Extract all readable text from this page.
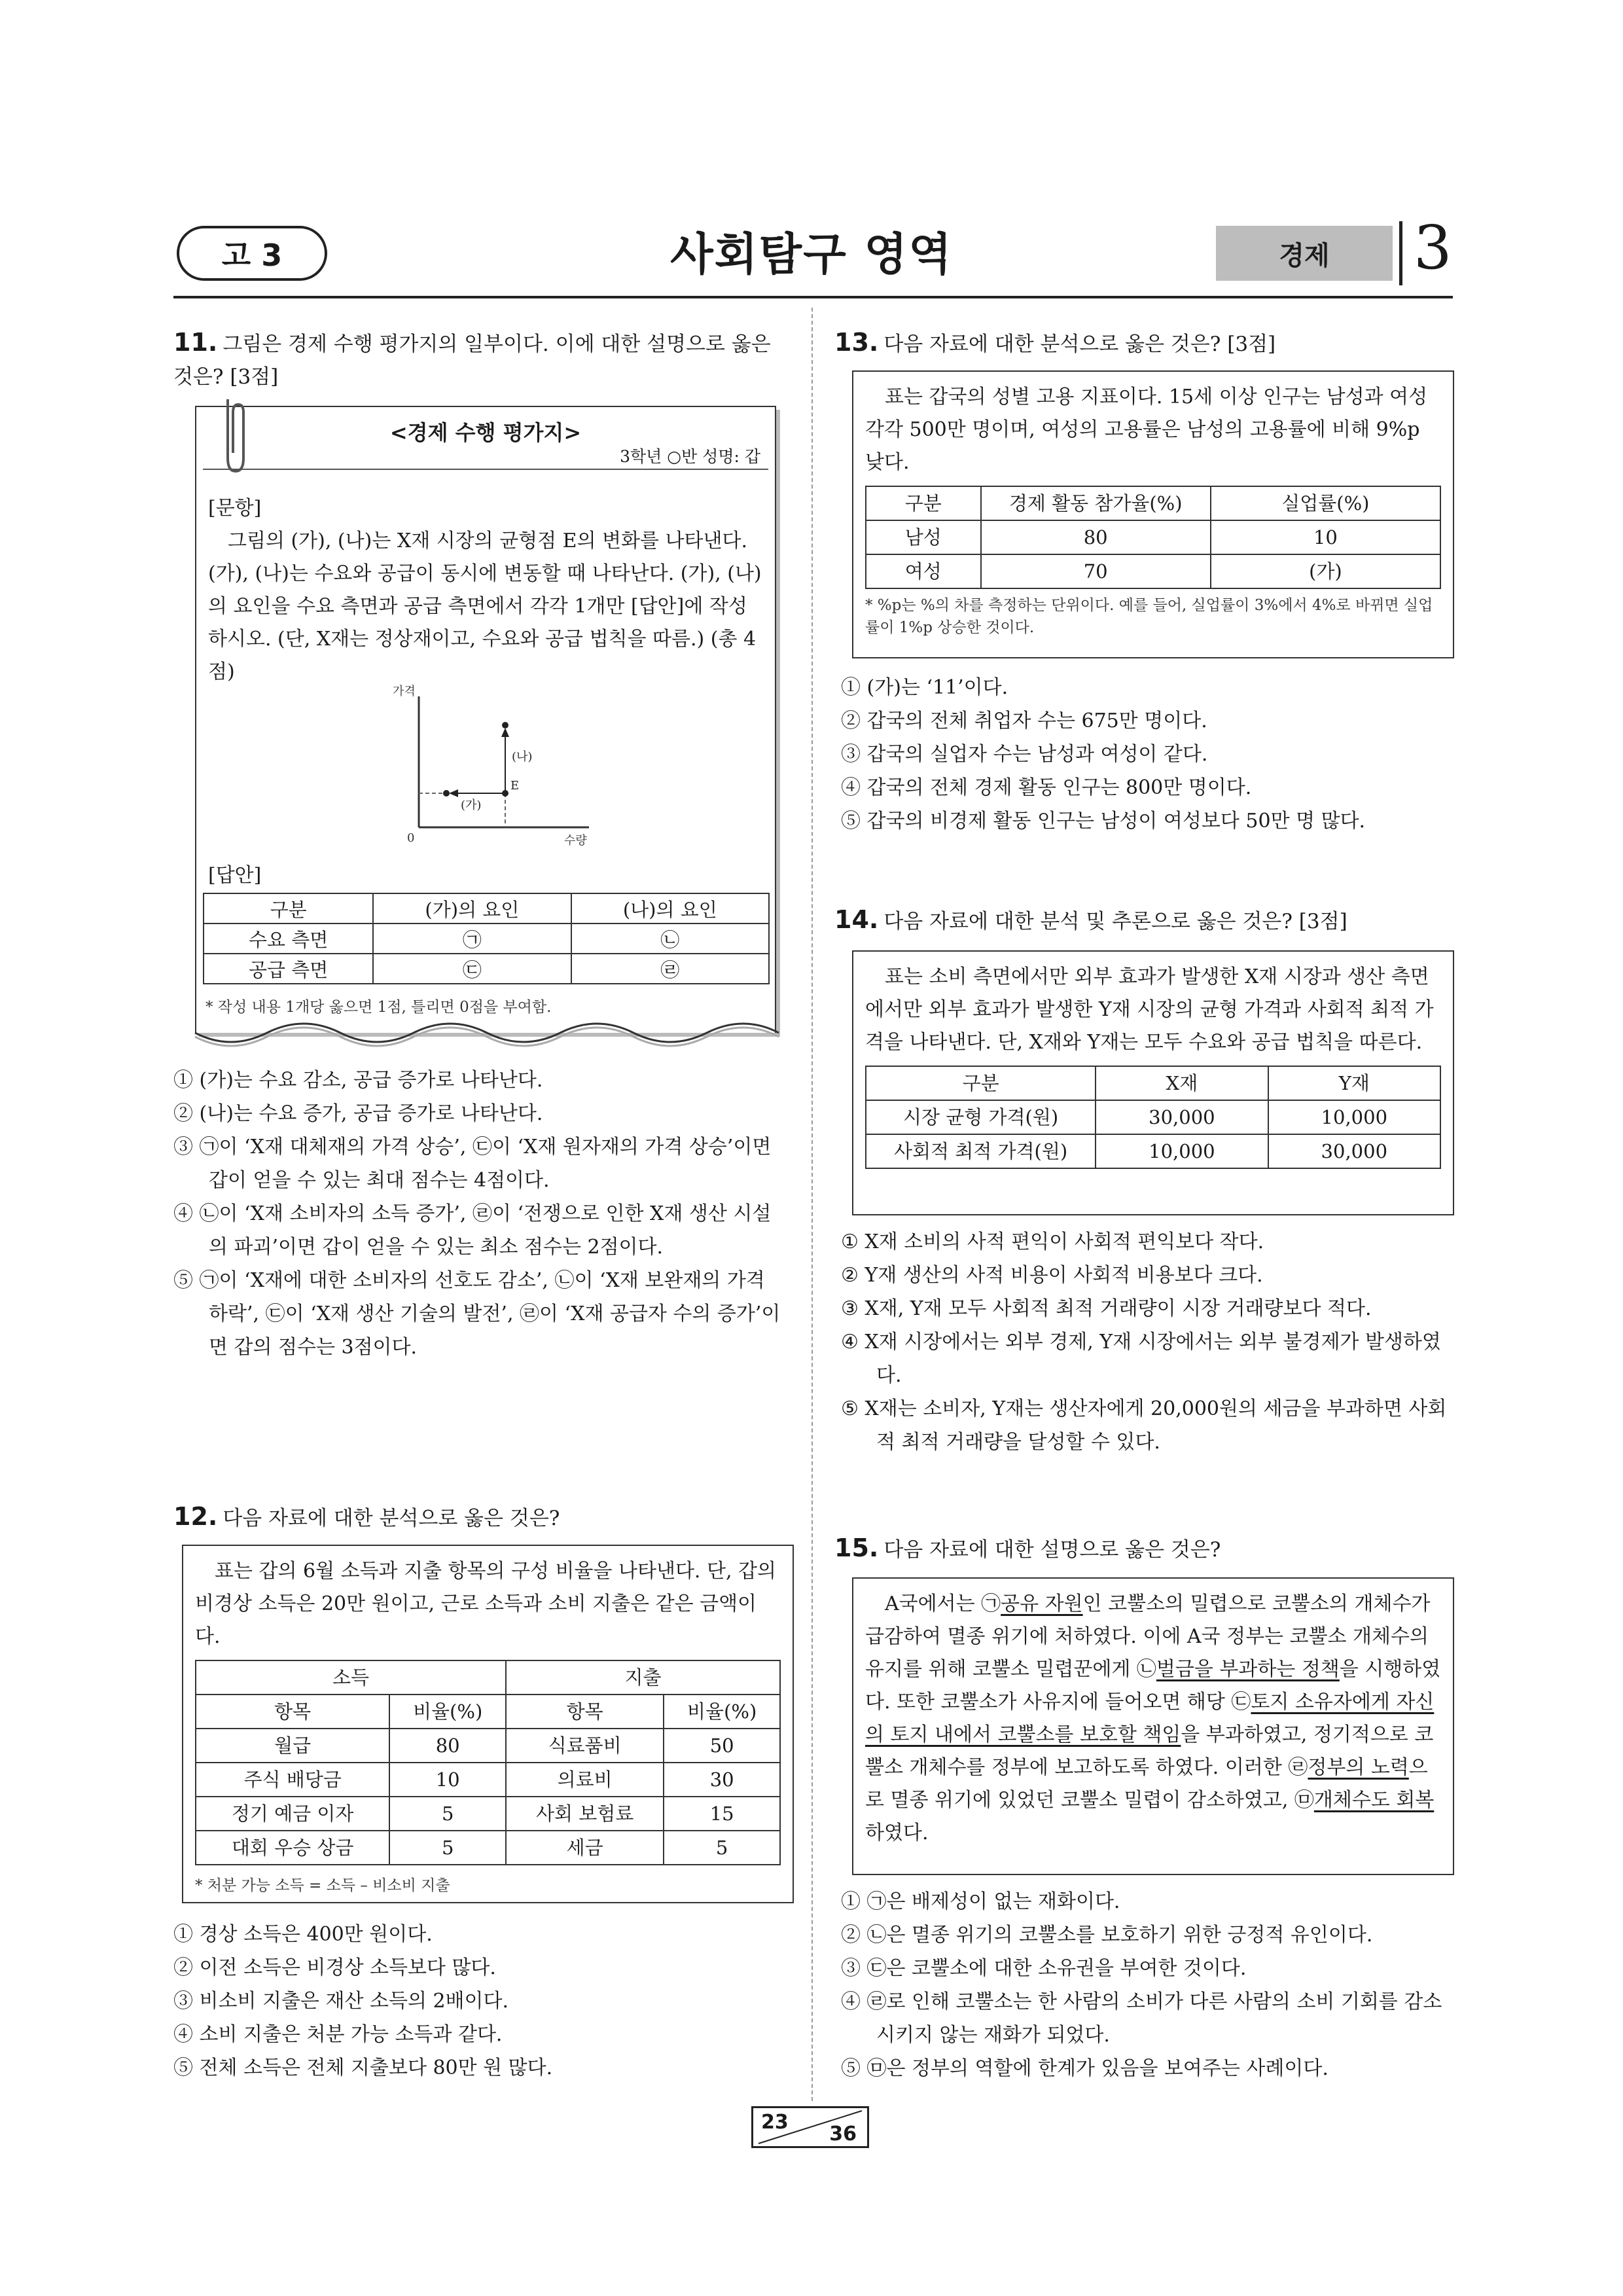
고 3	사회탐구 영역	경제 3
11. 그림은 경제 수행 평가지의 일부이다. 이에 대한 설명으로 옳은 것은? [3점]
<경제 수행 평가지>
3학년 ○반 성명: 갑
[문항]
그림의 (가), (나)는 X재 시장의 균형점 E의 변화를 나타낸다. (가), (나)는 수요와 공급이 동시에 변동할 때 나타난다. (가), (나)의 요인을 수요 측면과 공급 측면에서 각각 1개만 [답안]에 작성하시오. (단, X재는 정상재이고, 수요와 공급 법칙을 따름.) (총 4점)
가격
수량
0
E
(가)
(나)
[답안]
구분	(가)의 요인	(나)의 요인
수요 측면	㉠	㉡
공급 측면	㉢	㉣
* 작성 내용 1개당 옳으면 1점, 틀리면 0점을 부여함.
① (가)는 수요 감소, 공급 증가로 나타난다.
② (나)는 수요 증가, 공급 증가로 나타난다.
③ ㉠이 ‘X재 대체재의 가격 상승’, ㉢이 ‘X재 원자재의 가격 상승’이면 갑이 얻을 수 있는 최대 점수는 4점이다.
④ ㉡이 ‘X재 소비자의 소득 증가’, ㉣이 ‘전쟁으로 인한 X재 생산 시설의 파괴’이면 갑이 얻을 수 있는 최소 점수는 2점이다.
⑤ ㉠이 ‘X재에 대한 소비자의 선호도 감소’, ㉡이 ‘X재 보완재의 가격 하락’, ㉢이 ‘X재 생산 기술의 발전’, ㉣이 ‘X재 공급자 수의 증가’이면 갑의 점수는 3점이다.
12. 다음 자료에 대한 분석으로 옳은 것은?
표는 갑의 6월 소득과 지출 항목의 구성 비율을 나타낸다. 단, 갑의 비경상 소득은 20만 원이고, 근로 소득과 소비 지출은 같은 금액이다.
소득		지출	
항목	비율(%)	항목	비율(%)
월급	80	식료품비	50
주식 배당금	10	의료비	30
정기 예금 이자	5	사회 보험료	15
대회 우승 상금	5	세금	5
* 처분 가능 소득 = 소득 – 비소비 지출
① 경상 소득은 400만 원이다.
② 이전 소득은 비경상 소득보다 많다.
③ 비소비 지출은 재산 소득의 2배이다.
④ 소비 지출은 처분 가능 소득과 같다.
⑤ 전체 소득은 전체 지출보다 80만 원 많다.
13. 다음 자료에 대한 분석으로 옳은 것은? [3점]
표는 갑국의 성별 고용 지표이다. 15세 이상 인구는 남성과 여성 각각 500만 명이며, 여성의 고용률은 남성의 고용률에 비해 9%p 낮다.
구분	경제 활동 참가율(%)	실업률(%)
남성	80	10
여성	70	(가)
* %p는 %의 차를 측정하는 단위이다. 예를 들어, 실업률이 3%에서 4%로 바뀌면 실업률이 1%p 상승한 것이다.
① (가)는 ‘11’이다.
② 갑국의 전체 취업자 수는 675만 명이다.
③ 갑국의 실업자 수는 남성과 여성이 같다.
④ 갑국의 전체 경제 활동 인구는 800만 명이다.
⑤ 갑국의 비경제 활동 인구는 남성이 여성보다 50만 명 많다.
14. 다음 자료에 대한 분석 및 추론으로 옳은 것은? [3점]
표는 소비 측면에서만 외부 효과가 발생한 X재 시장과 생산 측면에서만 외부 효과가 발생한 Y재 시장의 균형 가격과 사회적 최적 가격을 나타낸다. 단, X재와 Y재는 모두 수요와 공급 법칙을 따른다.
구분	X재	Y재
시장 균형 가격(원)	30,000	10,000
사회적 최적 가격(원)	10,000	30,000
① X재 소비의 사적 편익이 사회적 편익보다 작다.
② Y재 생산의 사적 비용이 사회적 비용보다 크다.
③ X재, Y재 모두 사회적 최적 거래량이 시장 거래량보다 적다.
④ X재 시장에서는 외부 경제, Y재 시장에서는 외부 불경제가 발생하였다.
⑤ X재는 소비자, Y재는 생산자에게 20,000원의 세금을 부과하면 사회적 최적 거래량을 달성할 수 있다.
15. 다음 자료에 대한 설명으로 옳은 것은?
A국에서는 ㉠공유 자원인 코뿔소의 밀렵으로 코뿔소의 개체수가 급감하여 멸종 위기에 처하였다. 이에 A국 정부는 코뿔소 개체수의 유지를 위해 코뿔소 밀렵꾼에게 ㉡벌금을 부과하는 정책을 시행하였다. 또한 코뿔소가 사유지에 들어오면 해당 ㉢토지 소유자에게 자신의 토지 내에서 코뿔소를 보호할 책임을 부과하였고, 정기적으로 코뿔소 개체수를 정부에 보고하도록 하였다. 이러한 ㉣정부의 노력으로 멸종 위기에 있었던 코뿔소 밀렵이 감소하였고, ㉤개체수도 회복하였다.
① ㉠은 배제성이 없는 재화이다.
② ㉡은 멸종 위기의 코뿔소를 보호하기 위한 긍정적 유인이다.
③ ㉢은 코뿔소에 대한 소유권을 부여한 것이다.
④ ㉣로 인해 코뿔소는 한 사람의 소비가 다른 사람의 소비 기회를 감소시키지 않는 재화가 되었다.
⑤ ㉤은 정부의 역할에 한계가 있음을 보여주는 사례이다.
23
36
